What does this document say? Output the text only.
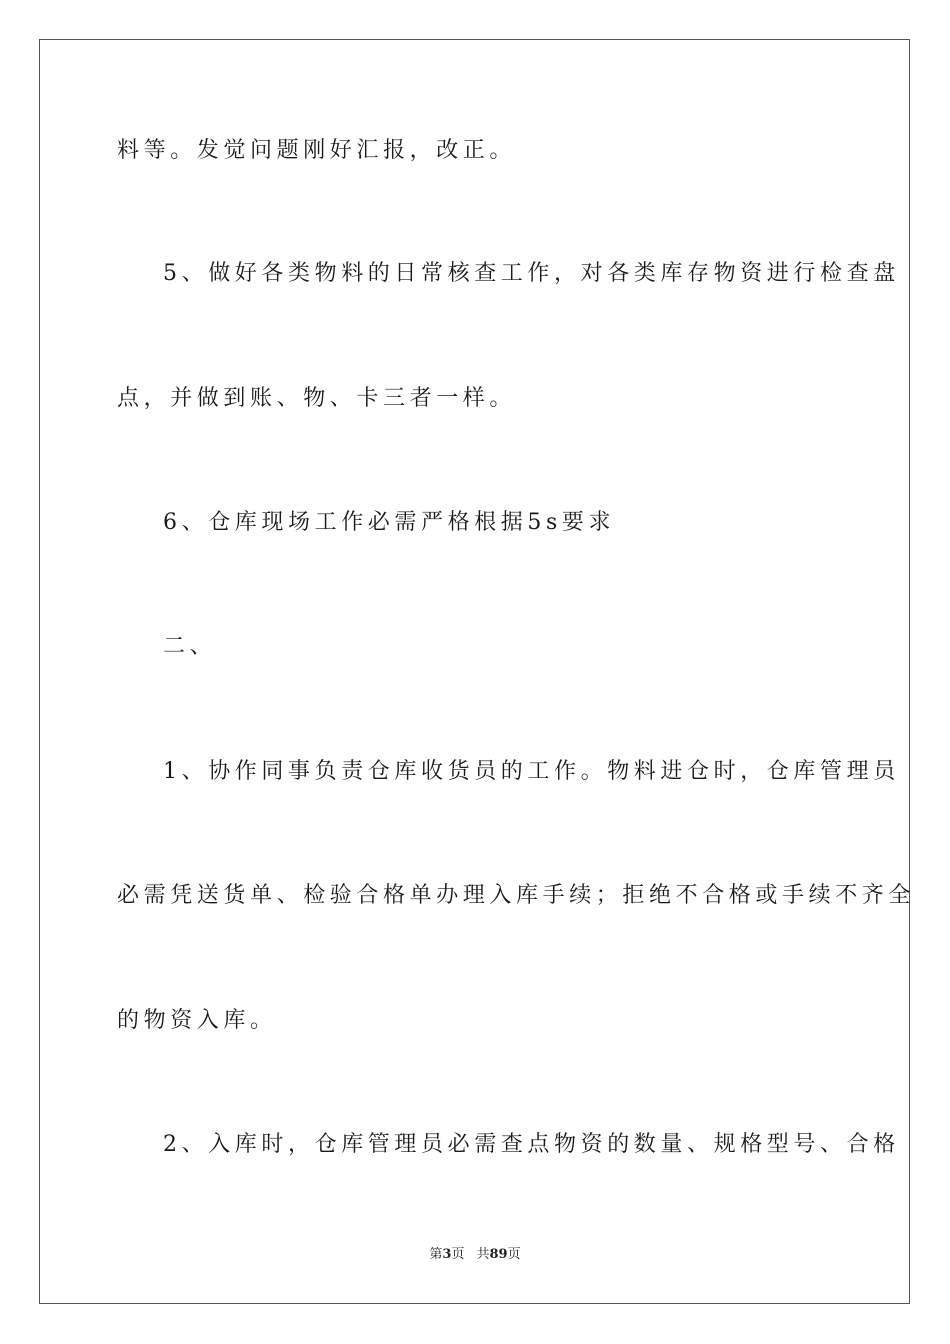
料等。发觉问题刚好汇报，改正。
5、做好各类物料的日常核查工作，对各类库存物资进行检查盘
点，并做到账、物、卡三者一样。
6、仓库现场工作必需严格根据5s要求
二、
1、协作同事负责仓库收货员的工作。物料进仓时，仓库管理员
必需凭送货单、检验合格单办理入库手续；拒绝不合格或手续不齐全
的物资入库。
2、入库时，仓库管理员必需查点物资的数量、规格型号、合格
第3页 共89页
